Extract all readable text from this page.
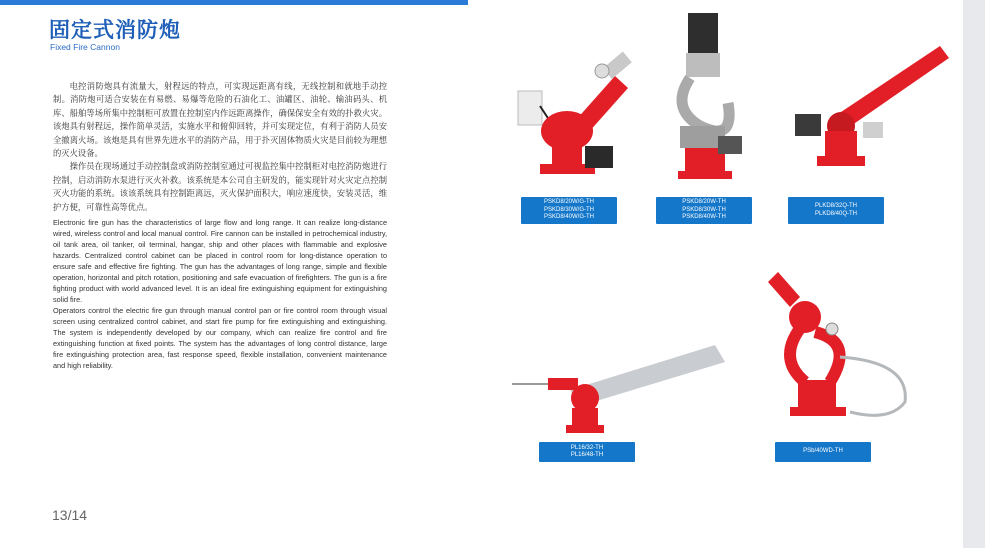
固定式消防炮
Fixed Fire Cannon

电控消防炮具有流量大，射程远的特点，可实现远距离有线，无线控制和就地手动控制。消防炮可适合安装在有易燃、易爆等危险的石油化工、油罐区、油轮、输油码头、机库、船舶等场所集中控制柜可放置在控制室内作远距离操作，确保保安全有效的扑救火灾。该炮具有射程远，操作简单灵活，实施水平和俯仰回转，并可实现定位，有利于消防人员安全撤离火场。该炮是具有世界先进水平的消防产品，用于扑灭固体物质火灾是目前较为理想的灭火设备。

操作员在现场通过手动控制盘或消防控制室通过可视监控集中控制柜对电控消防炮进行控制，启动消防水泵进行灭火补救。该系统是本公司自主研发的，能实现针对火灾定点控制灭火功能的系统。该该系统具有控制距离远，灭火保护面积大，响应速度快，安装灵活，维护方便，可靠性高等优点。

Electronic fire gun has the characteristics of large flow and long range. It can realize long-distance wired, wireless control and local manual control. Fire cannon can be installed in petrochemical industry, oil tank area, oil tanker, oil terminal, hangar, ship and other places with flammable and explosive hazards. Centralized control cabinet can be placed in control room for long-distance operation to ensure safe and effective fire fighting. The gun has the advantages of long range, simple and flexible operation, horizontal and pitch rotation, positioning and safe evacuation of firefighters. The gun is a fire fighting product with world advanced level. It is an ideal fire extinguishing equipment for extinguishing solid fire.

Operators control the electric fire gun through manual control pan or fire control room through visual screen using centralized control cabinet, and start fire pump for fire extinguishing and extinguishing. The system is independently developed by our company, which can realize fire control and fire extinguishing function at fixed points. The system has the advantages of long control distance, large fire extinguishing protection area, fast response speed, flexible installation, convenient maintenance and high reliability.

PSKD8/20W/G-TH
PSKD8/30W/G-TH
PSKD8/40W/G-TH
PSKD8/20W-TH
PSKD8/30W-TH
PSKD8/40W-TH
PLKD8/32Q-TH
PLKD8/40Q-TH
PL16/32-TH
PL16/48-TH
PSb/40WD-TH
13/14
